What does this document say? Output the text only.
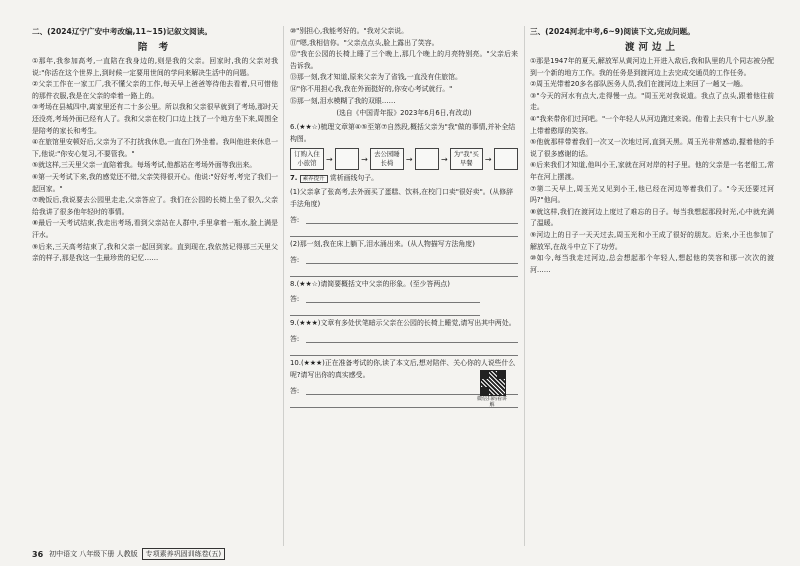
二、(2024辽宁广安中考改编,11~15)记叙文阅读。
陪 考

①那年,我参加高考,一直陪在我身边的,则是我的父亲。回家时,我的父亲对我说:"你活在这个世界上,到时候一定要用世间的学问来解决生活中的问题。

②父亲工作在一家工厂,我不懂父亲的工作,每天早上爸爸等待他去看着,只可惜他的那件衣服,我是在父亲的牵着一路上的。

③考场在县城四中,离家里还有二十多公里。所以我和父亲很早就到了考场,那时天还没亮,考场外面已经有人了。我和父亲在校门口边上找了一个地方坐下来,周围全是陪考的家长和考生。

④在旅馆里安顿好后,父亲为了不打扰我休息,一直在门外坐着。我叫他进来休息一下,他说:"你安心复习,不要管我。"

⑤就这样,三天里父亲一直陪着我。每场考试,他都站在考场外面等我出来。

⑥第一天考试下来,我的感觉还不错,父亲笑得很开心。他说:"好好考,考完了我们一起回家。"

⑦晚饭后,我说要去公园里走走,父亲答应了。我们在公园的长椅上坐了很久,父亲给我讲了很多他年轻时的事情。

⑧最后一天考试结束,我走出考场,看到父亲站在人群中,手里拿着一瓶水,脸上满是汗水。

⑨后来,三天高考结束了,我和父亲一起回到家。直到现在,我依然记得那三天里父亲的样子,那是我这一生最珍贵的记忆……

⑩"别担心,我能考好的。"我对父亲说。

⑪"嗯,我相信你。"父亲点点头,脸上露出了笑容。

⑫"我在公园的长椅上睡了三个晚上,那几个晚上的月亮特别亮。"父亲后来告诉我。

⑬那一刻,我才知道,原来父亲为了省钱,一直没有住旅馆。

⑭"你不用担心我,我在外面挺好的,你安心考试就行。"

⑮那一刻,泪水模糊了我的双眼……

(选自《中国青年报》2023年6月6日,有改动)
6.(★★☆)梳理文章第④⑤至第⑦自然段,概括父亲为"我"做的事情,并补全结构图。
订购入住小旅馆	→	→
去公园睡长椅	→	→
为"我"买早餐	→
7. 素养提升 赏析画线句子。
(1)父亲拿了张高考,去外面买了蛋糕、饮料,在校门口卖"很好卖"。(从修辞手法角度)
答:
(2)那一刻,我在床上躺下,泪水涌出来。(从人物描写方法角度)
答:
8.(★★☆)请简要概括文中父亲的形象。(至少答两点)
答:
9.(★★★)文章有多处伏笔暗示父亲在公园的长椅上睡觉,请写出其中两处。
答:
10.(★★★)正在准备考试的你,读了本文后,想对陪伴、关心你的人说些什么呢?请写出你的真实感受。
答:
微信扫码看讲解
三、(2024河北中考,6~9)阅读下文,完成问题。
渡河边上

①那是1947年的夏天,解放军从黄河边上开进入敌后,我和队里的几个同志被分配到一个新的地方工作。我的任务是到渡河边上去完成交通员的工作任务。

②周玉光带着20多名部队医务人员,我们在渡河边上来回了一趟又一趟。

③"今天的河水有点大,走得慢一点。"周玉光对我说道。我点了点头,跟着他往前走。

④"我来带你们过河吧。"一个年轻人从河边跑过来说。他看上去只有十七八岁,脸上带着憨厚的笑容。

⑤他就那样带着我们一次又一次地过河,直到天黑。周玉光非常感动,握着他的手说了很多感谢的话。

⑥后来我们才知道,他叫小王,家就在河对岸的村子里。他的父亲是一名老船工,常年在河上摆渡。

⑦第二天早上,周玉光又见到小王,他已经在河边等着我们了。"今天还要过河吗?"他问。

⑧就这样,我们在渡河边上度过了难忘的日子。每当我想起那段时光,心中就充满了温暖。

⑨河边上的日子一天天过去,周玉光和小王成了很好的朋友。后来,小王也参加了解放军,在战斗中立下了功劳。

⑩如今,每当我走过河边,总会想起那个年轻人,想起他的笑容和那一次次的渡河……

36 初中语文 八年级下册 人教版	专项素养巩固训练卷(五)
